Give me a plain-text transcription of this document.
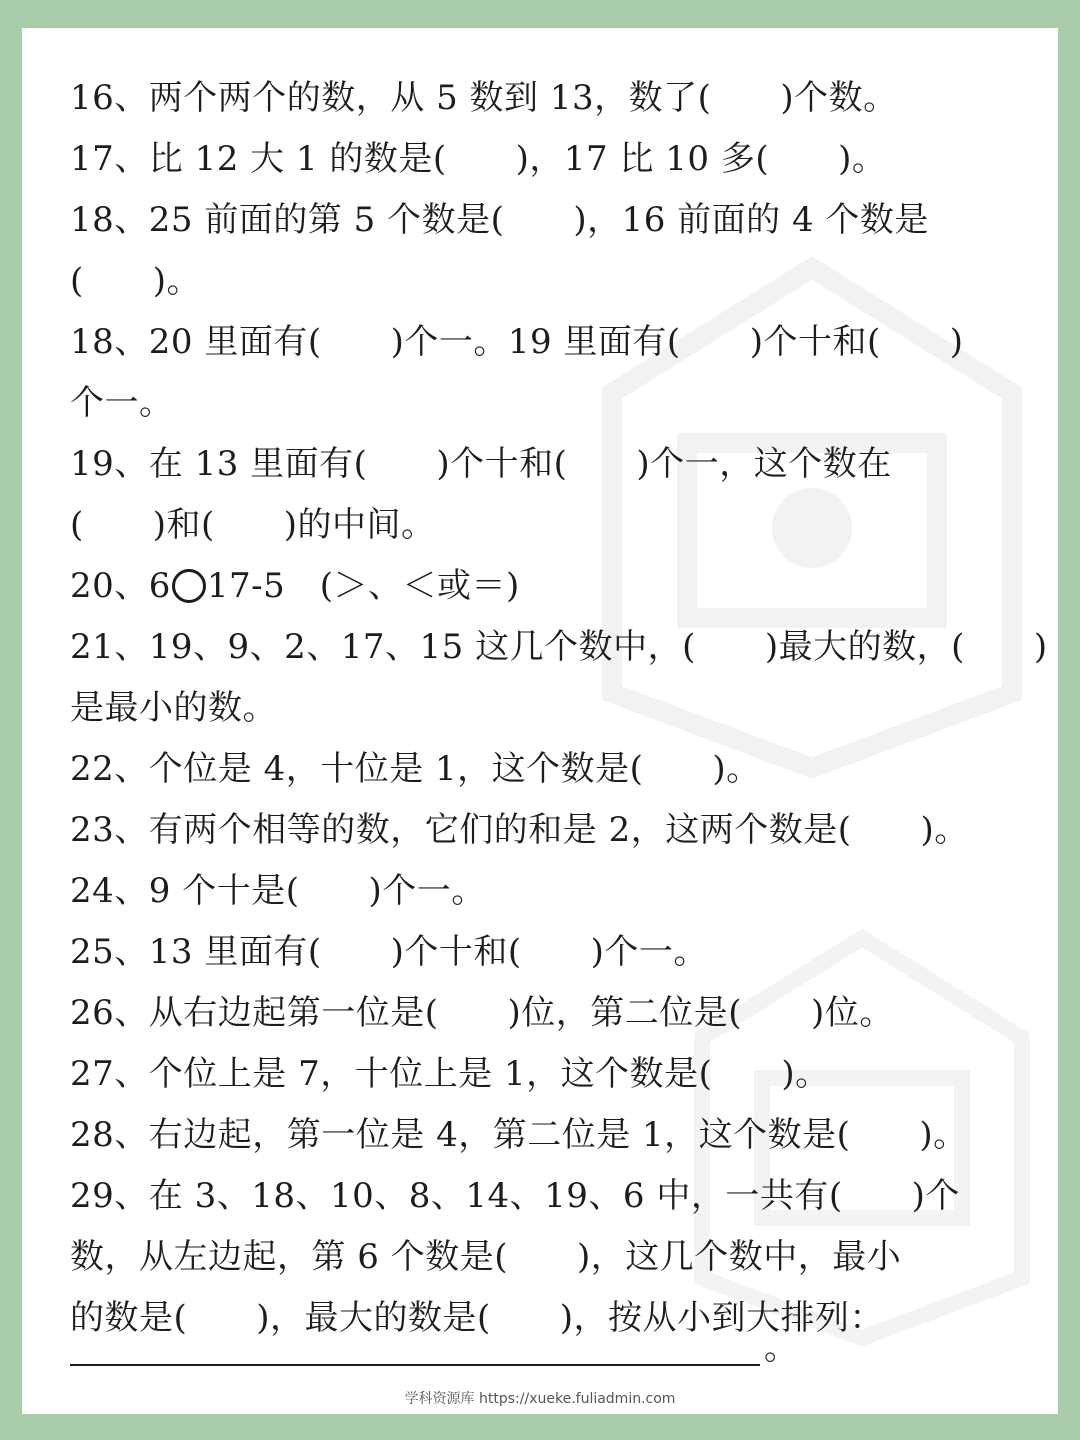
16、两个两个的数，从 5 数到 13，数了(　　)个数。
17、比 12 大 1 的数是(　　)，17 比 10 多(　　)。
18、25 前面的第 5 个数是(　　)，16 前面的 4 个数是
(　　)。
18、20 里面有(　　)个一。19 里面有(　　)个十和(　　)
个一。
19、在 13 里面有(　　)个十和(　　)个一，这个数在
(　　)和(　　)的中间。
20、6 17-5　(＞、＜或＝)
21、19、9、2、17、15 这几个数中，(　　)最大的数，(　　)
是最小的数。
22、个位是 4，十位是 1，这个数是(　　)。
23、有两个相等的数，它们的和是 2，这两个数是(　　)。
24、9 个十是(　　)个一。
25、13 里面有(　　)个十和(　　)个一。
26、从右边起第一位是(　　)位，第二位是(　　)位。
27、个位上是 7，十位上是 1，这个数是(　　)。
28、右边起，第一位是 4，第二位是 1，这个数是(　　)。
29、在 3、18、10、8、14、19、6 中，一共有(　　)个
数，从左边起，第 6 个数是(　　)，这几个数中，最小
的数是(　　)，最大的数是(　　)，按从小到大排列：
。
学科资源库 https://xueke.fuliadmin.com
